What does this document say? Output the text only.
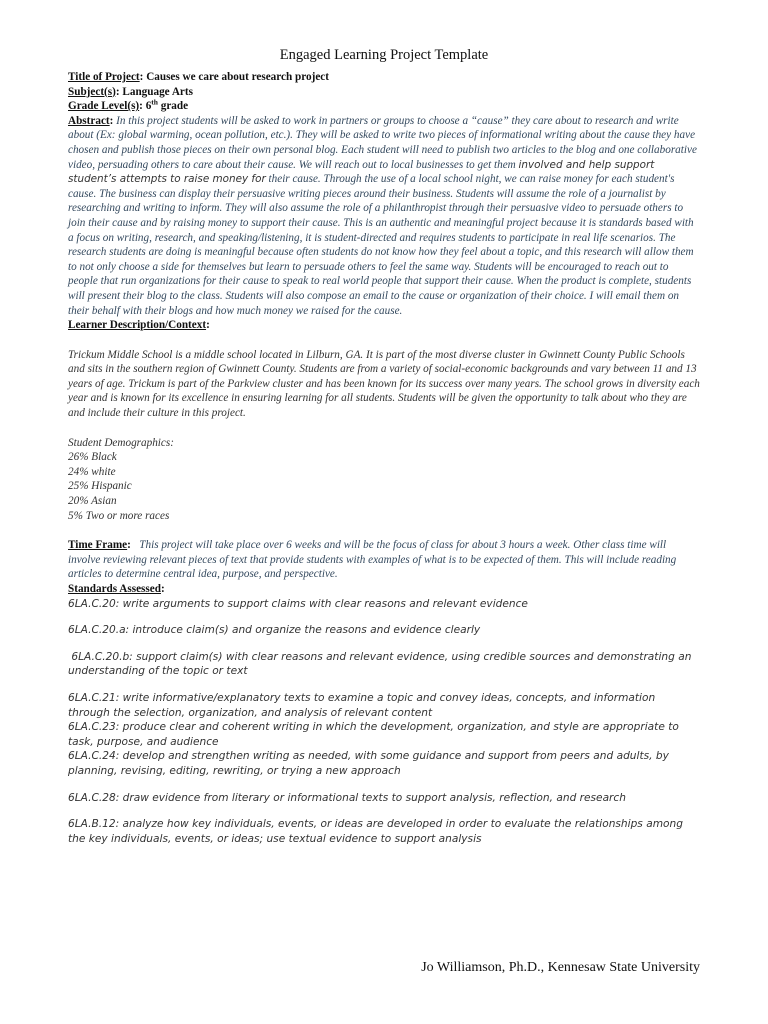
Engaged Learning Project Template
Title of Project: Causes we care about research project
Subject(s): Language Arts
Grade Level(s): 6th grade
Abstract: In this project students will be asked to work in partners or groups to choose a “cause” they care about to research and write about (Ex: global warming, ocean pollution, etc.). They will be asked to write two pieces of informational writing about the cause they have chosen and publish those pieces on their own personal blog. Each student will need to publish two articles to the blog and one collaborative video, persuading others to care about their cause. We will reach out to local businesses to get them involved and help support student’s attempts to raise money for their cause. Through the use of a local school night, we can raise money for each student's cause. The business can display their persuasive writing pieces around their business. Students will assume the role of a journalist by researching and writing to inform. They will also assume the role of a philanthropist through their persuasive video to persuade others to join their cause and by raising money to support their cause. This is an authentic and meaningful project because it is standards based with a focus on writing, research, and speaking/listening, it is student-directed and requires students to participate in real life scenarios. The research students are doing is meaningful because often students do not know how they feel about a topic, and this research will allow them to not only choose a side for themselves but learn to persuade others to feel the same way. Students will be encouraged to reach out to people that run organizations for their cause to speak to real world people that support their cause. When the product is complete, students will present their blog to the class. Students will also compose an email to the cause or organization of their choice. I will email them on their behalf with their blogs and how much money we raised for the cause.
Learner Description/Context:
Trickum Middle School is a middle school located in Lilburn, GA. It is part of the most diverse cluster in Gwinnett County Public Schools and sits in the southern region of Gwinnett County. Students are from a variety of social-economic backgrounds and vary between 11 and 13 years of age. Trickum is part of the Parkview cluster and has been known for its success over many years. The school grows in diversity each year and is known for its excellence in ensuring learning for all students. Students will be given the opportunity to talk about who they are and include their culture in this project.
Student Demographics:
26% Black
24% white
25% Hispanic
20% Asian
5% Two or more races
Time Frame:   This project will take place over 6 weeks and will be the focus of class for about 3 hours a week. Other class time will involve reviewing relevant pieces of text that provide students with examples of what is to be expected of them. This will include reading articles to determine central idea, purpose, and perspective.
Standards Assessed:
6LA.C.20: write arguments to support claims with clear reasons and relevant evidence
6LA.C.20.a: introduce claim(s) and organize the reasons and evidence clearly
6LA.C.20.b: support claim(s) with clear reasons and relevant evidence, using credible sources and demonstrating an understanding of the topic or text
6LA.C.21: write informative/explanatory texts to examine a topic and convey ideas, concepts, and information through the selection, organization, and analysis of relevant content
6LA.C.23: produce clear and coherent writing in which the development, organization, and style are appropriate to task, purpose, and audience
6LA.C.24: develop and strengthen writing as needed, with some guidance and support from peers and adults, by planning, revising, editing, rewriting, or trying a new approach
6LA.C.28: draw evidence from literary or informational texts to support analysis, reflection, and research
6LA.B.12: analyze how key individuals, events, or ideas are developed in order to evaluate the relationships among the key individuals, events, or ideas; use textual evidence to support analysis
Jo Williamson, Ph.D., Kennesaw State University
